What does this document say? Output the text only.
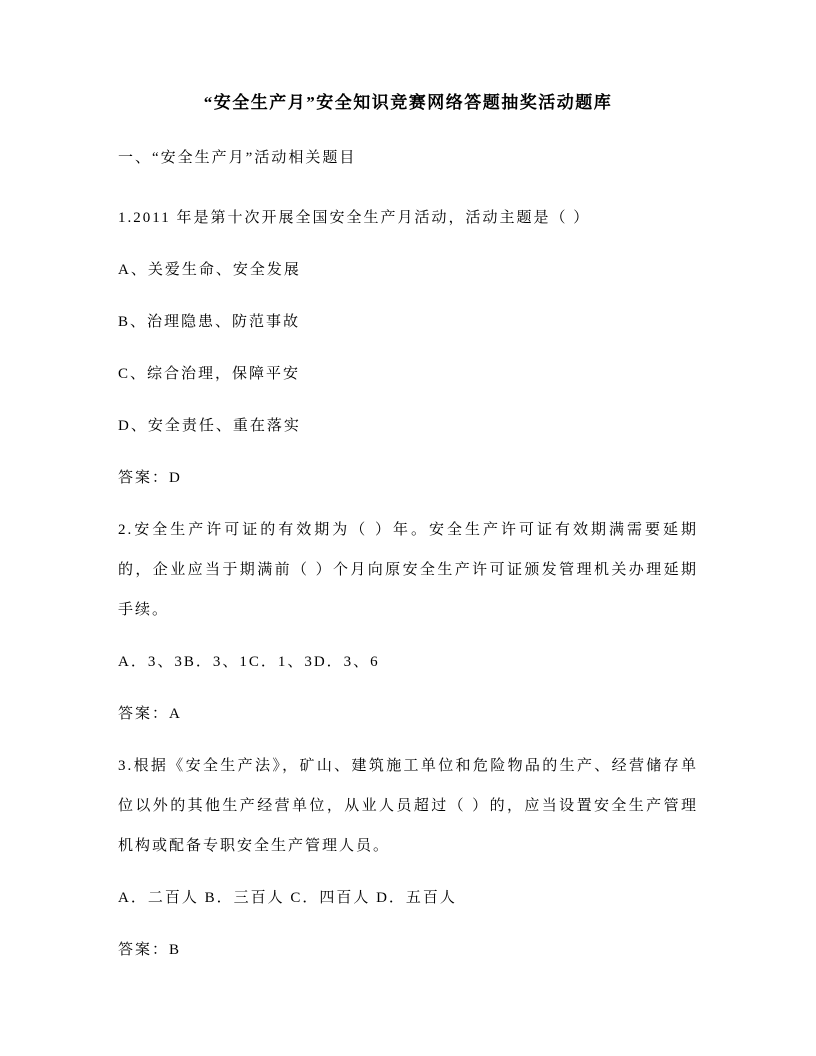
“安全生产月”安全知识竞赛网络答题抽奖活动题库

一、“安全生产月”活动相关题目

1.2011 年是第十次开展全国安全生产月活动，活动主题是（ ）

A、关爱生命、安全发展

B、治理隐患、防范事故

C、综合治理，保障平安

D、安全责任、重在落实

答案：D

2.安全生产许可证的有效期为（ ）年。安全生产许可证有效期满需要延期的，企业应当于期满前（ ）个月向原安全生产许可证颁发管理机关办理延期手续。

A．3、3B．3、1C．1、3D．3、6

答案：A

3.根据《安全生产法》，矿山、建筑施工单位和危险物品的生产、经营储存单位以外的其他生产经营单位，从业人员超过（ ）的，应当设置安全生产管理机构或配备专职安全生产管理人员。

A．二百人 B．三百人 C．四百人 D．五百人

答案：B
